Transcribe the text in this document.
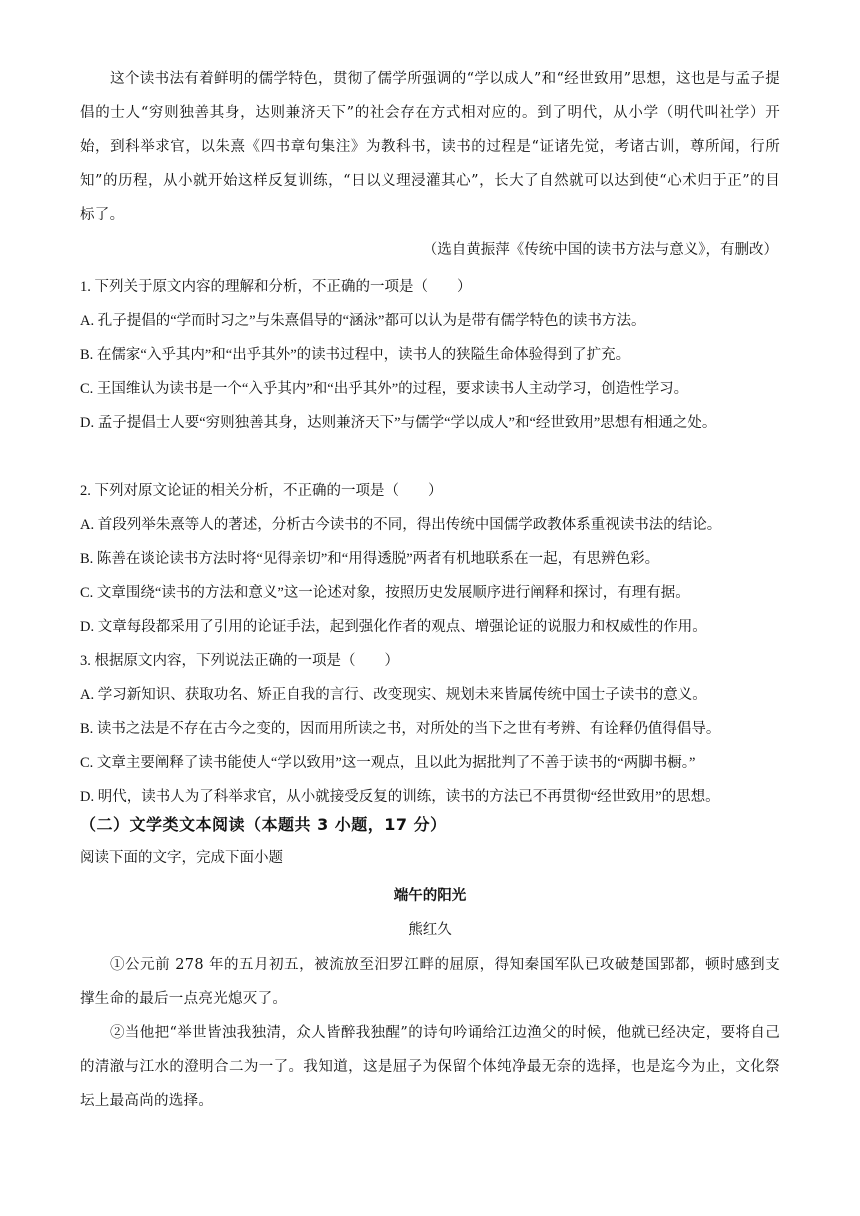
这个读书法有着鲜明的儒学特色，贯彻了儒学所强调的“学以成人”和“经世致用”思想，这也是与孟子提倡的士人“穷则独善其身，达则兼济天下”的社会存在方式相对应的。到了明代，从小学（明代叫社学）开始，到科举求官，以朱熹《四书章句集注》为教科书，读书的过程是“证诸先觉，考诸古训，尊所闻，行所知”的历程，从小就开始这样反复训练，“日以义理浸灌其心”，长大了自然就可以达到使“心术归于正”的目标了。

（选自黄振萍《传统中国的读书方法与意义》，有删改）

1. 下列关于原文内容的理解和分析，不正确的一项是（　　）

A. 孔子提倡的“学而时习之”与朱熹倡导的“涵泳”都可以认为是带有儒学特色的读书方法。

B. 在儒家“入乎其内”和“出乎其外”的读书过程中，读书人的狭隘生命体验得到了扩充。

C. 王国维认为读书是一个“入乎其内”和“出乎其外”的过程，要求读书人主动学习，创造性学习。

D. 孟子提倡士人要“穷则独善其身，达则兼济天下”与儒学“学以成人”和“经世致用”思想有相通之处。

2. 下列对原文论证的相关分析，不正确的一项是（　　）

A. 首段列举朱熹等人的著述，分析古今读书的不同，得出传统中国儒学政教体系重视读书法的结论。

B. 陈善在谈论读书方法时将“见得亲切”和“用得透脱”两者有机地联系在一起，有思辨色彩。

C. 文章围绕“读书的方法和意义”这一论述对象，按照历史发展顺序进行阐释和探讨，有理有据。

D. 文章每段都采用了引用的论证手法，起到强化作者的观点、增强论证的说服力和权威性的作用。

3. 根据原文内容，下列说法正确的一项是（　　）

A. 学习新知识、获取功名、矫正自我的言行、改变现实、规划未来皆属传统中国士子读书的意义。

B. 读书之法是不存在古今之变的，因而用所读之书，对所处的当下之世有考辨、有诠释仍值得倡导。

C. 文章主要阐释了读书能使人“学以致用”这一观点，且以此为据批判了不善于读书的“两脚书橱。”

D. 明代，读书人为了科举求官，从小就接受反复的训练，读书的方法已不再贯彻“经世致用”的思想。

（二）文学类文本阅读（本题共 3 小题，17 分）
阅读下面的文字，完成下面小题
端午的阳光
熊红久

①公元前 278 年的五月初五，被流放至汨罗江畔的屈原，得知秦国军队已攻破楚国郢都，顿时感到支撑生命的最后一点亮光熄灭了。

②当他把“举世皆浊我独清，众人皆醉我独醒”的诗句吟诵给江边渔父的时候，他就已经决定，要将自己的清澈与江水的澄明合二为一了。我知道，这是屈子为保留个体纯净最无奈的选择，也是迄今为止，文化祭坛上最高尚的选择。
